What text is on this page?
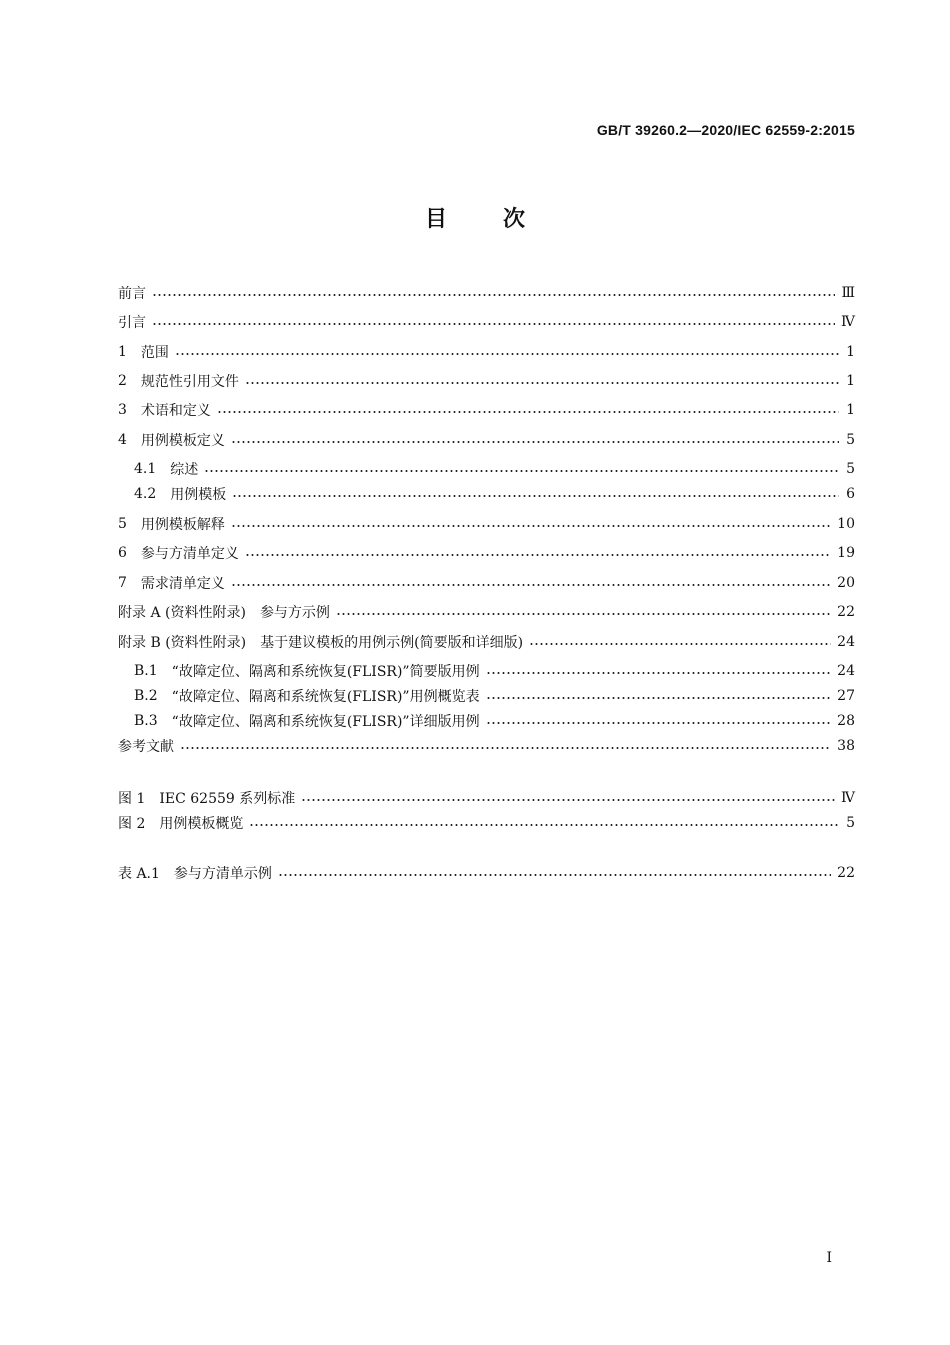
GB/T 39260.2—2020/IEC 62559-2:2015
目	次
前言	Ⅲ
引言	Ⅳ
1 范围	1
2 规范性引用文件	1
3 术语和定义	1
4 用例模板定义	5
4.1 综述	5
4.2 用例模板	6
5 用例模板解释	10
6 参与方清单定义	19
7 需求清单定义	20
附录 A (资料性附录) 参与方示例	22
附录 B (资料性附录) 基于建议模板的用例示例(简要版和详细版)	24
B.1 “故障定位、隔离和系统恢复(FLISR)”简要版用例	24
B.2 “故障定位、隔离和系统恢复(FLISR)”用例概览表	27
B.3 “故障定位、隔离和系统恢复(FLISR)”详细版用例	28
参考文献	38
图 1 IEC 62559 系列标准	Ⅳ
图 2 用例模板概览	5
表 A.1 参与方清单示例	22
I
